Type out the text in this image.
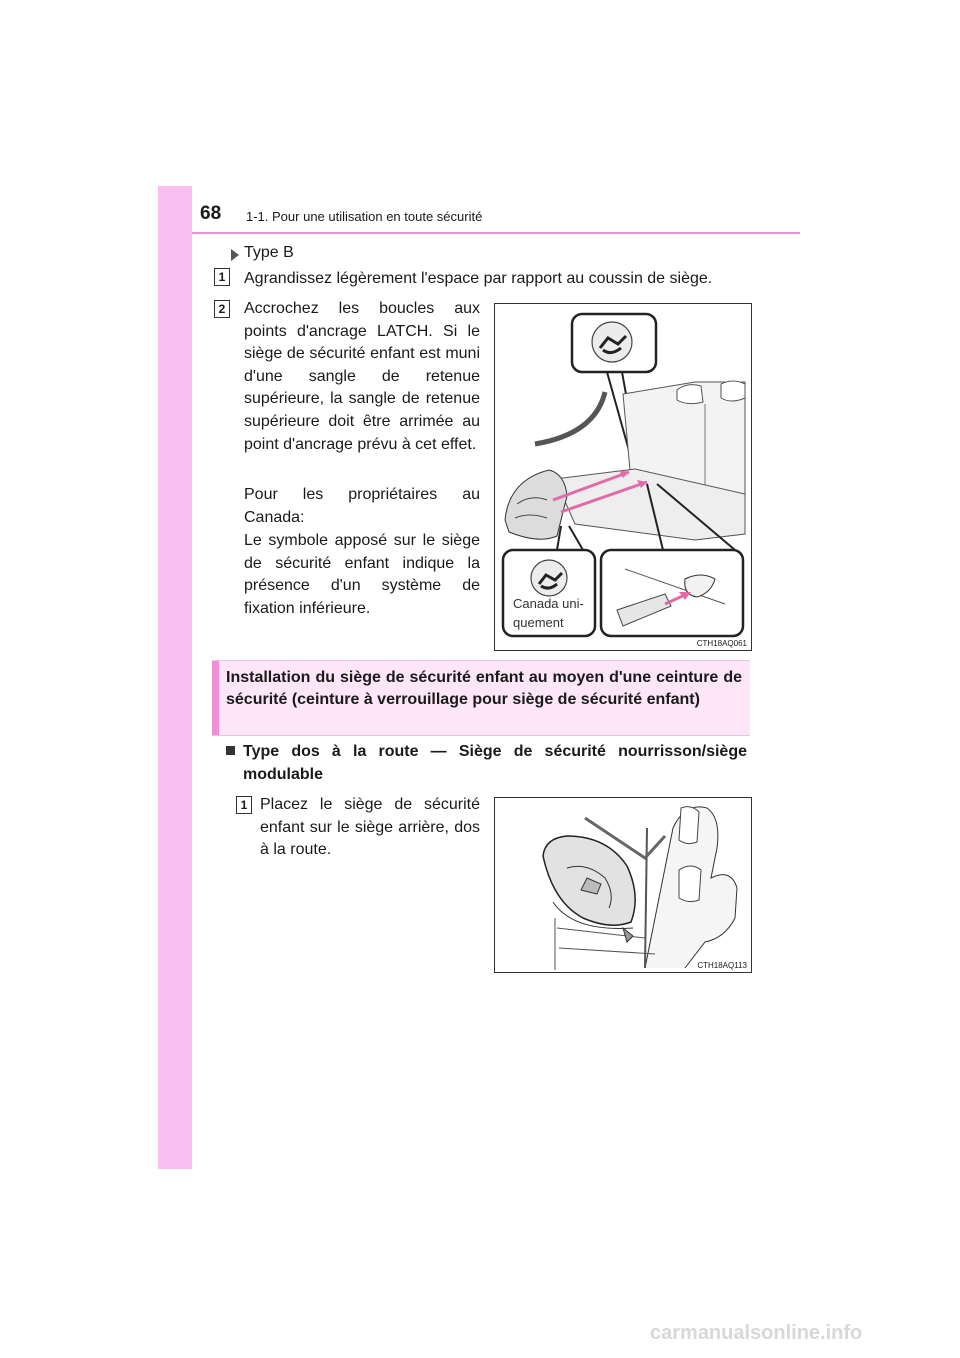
68 1-1. Pour une utilisation en toute sécurité
Type B
1 Agrandissez légèrement l'espace par rapport au coussin de siège.
2 Accrochez les boucles aux points d'ancrage LATCH. Si le siège de sécurité enfant est muni d'une sangle de retenue supérieure, la sangle de retenue supérieure doit être arrimée au point d'ancrage prévu à cet effet.
Pour les propriétaires au Canada:
Le symbole apposé sur le siège de sécurité enfant indique la présence d'un système de fixation inférieure.	Canada uni-
quement
CTH18AQ061
Installation du siège de sécurité enfant au moyen d'une ceinture de sécurité (ceinture à verrouillage pour siège de sécurité enfant)
Type dos à la route — Siège de sécurité nourrisson/siège modulable
1 Placez le siège de sécurité enfant sur le siège arrière, dos à la route.
CTH18AQ113
carmanualsonline.info
